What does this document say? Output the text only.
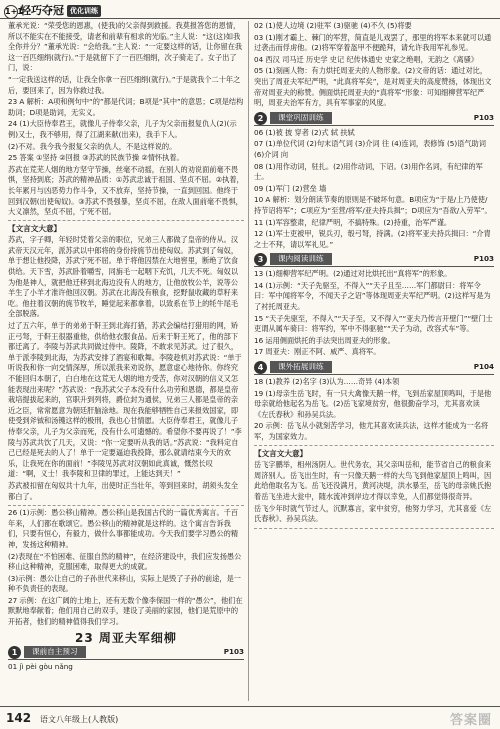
1+1轻巧夺冠 优化训练

董承光说：“荣受您的恩惠，(使我)的父亲得到救援。我莫报答您的恩情，所以不能实在不能接受，请老和前辈有相求的光临。”主人说：“这(这)如我全你并分？”董承光说：“会给我。”主人说：“一定要这样的话，让你留在我这一百匹细绢(就行)。”于是就留下了一百匹细绢，次子骑走了。女子出了门，说：

“一定我送这样的话，让我全你拿一百匹细绢(就行)。”于是就我个二十年之后，要回来了，因为你救过我。

23 A 解析：A项和例句中“的”都是代词；B项是“其中”的意思；C项是结构助词；D项是助词，无实义。

24 (1)大臣侍奉君王，就像儿子侍奉父亲，儿子为父亲而报复仇人(2)(示例)又士，我不够用，得了江湖来献(出来)，我手下人。

(2)不对。我今我今报复父亲的仇人，不是这样说的。

25 答案 ①坚持 ②回报 ③苏武的民族节操 ②情怀执着。

苏武在荒芜人烟的地方坚守节操，丝毫不动摇，在别人的劝说面前毫不畏惧，坚持到底；苏武的精神品质：①苏武忠诚于祖国、坚贞不屈。②执着，长年累月与凶恶势力作斗争，又不放弃，坚持节操，一直到回国。他终于回到汉朝(出使匈奴)。③苏武不畏强暴，坚贞不屈，在敌人面前毫不畏惧，大义凛然，坚贞不屈，宁死不屈。

【文言文大意】

苏武，字子卿，年轻时凭着父亲的职位，兄弟三人都做了皇帝的侍从。汉武帝天汉元年，派苏武以中郎将的身份持旄节出使匈奴。苏武到了匈奴，单于想让他投降，苏武宁死不屈。单于将他囚禁在大地窖里，断绝了饮食供给。天下雪，苏武卧着嚼雪，同旃毛一起咽下充饥，几天不死。匈奴以为他是神人，就把他迁移到北海边没有人的地方，让他放牧公羊，说等公羊生了小羊才准许他回汉朝。苏武在北海没有粮食，挖野鼠收藏的草籽来吃。他拄着汉朝的旄节牧羊，睡觉起来都拿着，以致系在节上的牦牛尾毛全部脱落。

过了五六年，单于的弟弟于靬王到北海打猎，苏武会编结打猎用的网，矫正弓弩，于靬王很器重他，供给他衣服食品。后来于靬王死了，他的部下都迁离了。李陵与苏武共同做过侍中。陵降，不敢求见苏武。过了很久，单于派李陵到北海，为苏武安排了酒宴和歌舞。李陵趁机对苏武说：“单于听说我和你一向交情深厚，所以派我来劝说你，愿意虚心地待你。你终究不能回归本朝了，白白地在这荒无人烟的地方受苦，你对汉朝的信义又怎能表现出来呢？”苏武说：“我苏武父子本没有什么功劳和恩德，都是皇帝栽培提拔起来的，官职升到列将，爵位封为通侯，兄弟三人都是皇帝的亲近之臣，常常愿意为朝廷肝脑涂地。现在我能够牺牲自己来报效国家，即使受到斧钺和汤镬这样的极刑，我也心甘情愿。大臣侍奉君王，就像儿子侍奉父亲，儿子为父亲而死，没有什么可遗憾的。希望你不要再说了！”李陵与苏武共饮了几天，又说：“你一定要听从我的话。”苏武说：“我料定自己已经是死去的人了！单于一定要逼迫我投降，那么就请结束今天的欢乐，让我死在你的面前！”李陵见苏武对汉朝如此真诚，慨然长叹道：“啊，义士！我李陵和卫律的罪过，上能达到天！”

苏武被扣留在匈奴共十九年，出使时正当壮年，等到回来时，胡须头发全都白了。

26 (1)示例：愚公移山精神。愚公移山是我国古代的一篇优秀寓言。千百年来，人们都在歌颂它。愚公移山的精神就是这样的。这个寓言告诉我们，只要有恒心，有毅力，做什么事都能成功。今天我们要学习愚公的精神，发扬这种精神。

(2)表现在“不怕困难、征服自然的精神”，在经济建设中，我们应发扬愚公移山这种精神，克服困难，取得更大的成就。

(3)示例：愚公让自己的子孙世代来移山，实际上是毁了子孙的前途，是一种不负责任的表现。

27 示例：在这广阔的土地上，还有无数个像李保国一样的“愚公”，他们在默默地奉献着；他们用自己的双手，建设了美丽的家园，他们是荒原中的开拓者，他们的精神值得我们学习。

23 周亚夫军细柳
1	课前自主预习	P103

01 jì pèi gòu nǎng

02 (1)使人边境 (2)驻军 (3)驱驰 (4)不久 (5)将要

03 (1)刚才霸上、棘门的军营，简直是儿戏罢了，那里的将军本来就可以通过袭击而俘虏他。(2)将军穿着盔甲不便跪拜，请允许我用军礼参见。

04 西汉 司马迁 历史学 史记 纪传体通史 史家之绝唱，无韵之《离骚》

05 (1)刻画人物：有力烘托周亚夫的人物形象。(2)文帝的话：通过对比，突出了周亚夫军纪严明，“此真将军矣”，是对周亚夫的高度赞扬，体现出文帝对周亚夫的称赞。侧面烘托周亚夫的“真将军”形象：可知细柳营军纪严明，周亚夫治军有方，具有军事家的风度。

2	课堂巩固训练	P103

06 (1)被 披 穿者 (2)式 轼 扶轼

07 (1)单位代词 (2)句末语气词 (3)介词 往 (4)连词，表修饰 (5)语气助词 (6)介词 向

08 (1)用作动词，驻扎。(2)用作动词，下诏。(3)用作名词，有纪律的军士。

09 (1)军门 (2)营垒 墙

10 A 解析：划分朗读节奏的原则是不破坏句意。B项应为“于是/上乃使使/持节诏将军”；C项应为“至营/将军/亚夫持兵揖”；D项应为“吾欲/入劳军”。

11 (1)军容整肃，纪律严明，不搞特殊。(2)持重，治军严谨。

12 (1)军士吏被甲，锐兵刃，彀弓弩，持满。(2)将军亚夫持兵揖曰：“介胄之士不拜，请以军礼见。”

3	课内阅读训练	P103

13 (1)细柳营军纪严明。(2)通过对比烘托出“真将军”的形象。

14 (1)示例：“天子先驱至，不得入”“天子且至……军门都尉曰：将军令曰：军中闻将军令，不闻天子之诏”等体现周亚夫军纪严明。(2)这样写是为了衬托周亚夫。

15 “天子先驱至，不得入”“天子至，又不得入”“亚夫乃传言开壁门”“壁门士吏谓从属车骑曰：将军约，军中不得驱驰”“天子为动，改容式车”等。

16 运用侧面烘托的手法突出周亚夫的形象。

17 周亚夫：刚正不阿、威严、真将军。

4	课外拓展训练	P104

18 (1)教养 (2)名字 (3)认为……奇异 (4)本领

19 (1)母亲生岳飞时，有一只大禽像天鹅一样，飞到岳家屋顶鸣叫，于是他母亲就给他起名为岳飞。(2)岳飞家境贫穷，他很勤奋学习，尤其喜欢读《左氏春秋》和孙吴兵法。

20 示例：岳飞从小就刻苦学习，他尤其喜欢读兵法，这样才能成为一名将军，为国家效力。

【文言文大意】

岳飞字鹏举，相州汤阴人。世代务农，其父亲叫岳和，能节省自己的粮食来周济别人。岳飞出生时，有一只像天鹅一样的大鸟飞到他家屋顶上鸣叫，因此给他取名为飞。岳飞还没满月，黄河决堤，洪水暴至，岳飞的母亲姚氏抱着岳飞坐进大瓮中，随水流冲到岸边才得以幸免，人们都觉得很奇异。

岳飞少年时就气节过人，沉默寡言，家中贫穷，他努力学习，尤其喜爱《左氏春秋》、孙吴兵法。

142 语文八年级上(人教版)	答案圈
